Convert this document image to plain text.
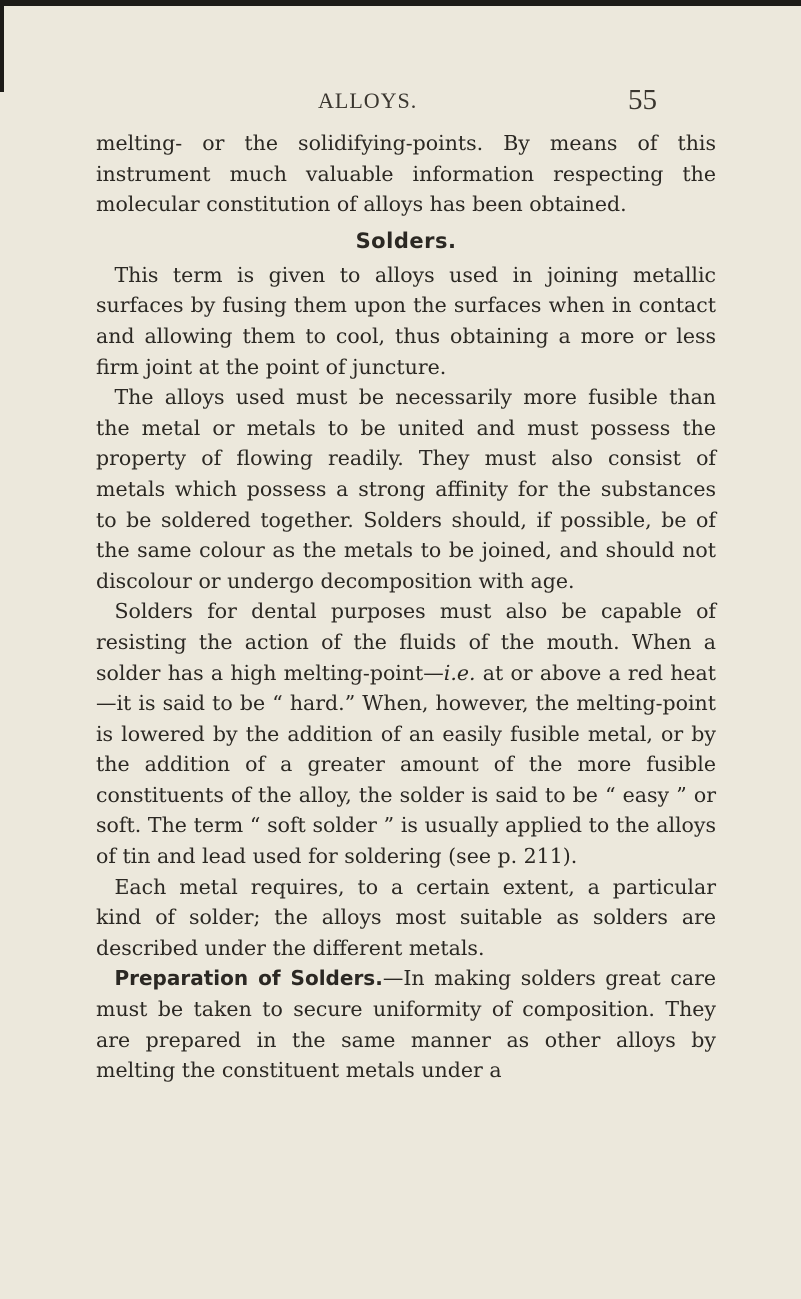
ALLOYS.	55

melting- or the solidifying-points. By means of this instrument much valuable information respecting the molecular constitution of alloys has been obtained.

Solders.

This term is given to alloys used in joining metallic surfaces by fusing them upon the surfaces when in contact and allowing them to cool, thus obtaining a more or less firm joint at the point of juncture.

The alloys used must be necessarily more fusible than the metal or metals to be united and must possess the property of flowing readily. They must also consist of metals which possess a strong affinity for the substances to be soldered together. Solders should, if possible, be of the same colour as the metals to be joined, and should not discolour or undergo decomposition with age.

Solders for dental purposes must also be capable of resisting the action of the fluids of the mouth. When a solder has a high melting-point—i.e. at or above a red heat—it is said to be “ hard.” When, however, the melting-point is lowered by the addition of an easily fusible metal, or by the addition of a greater amount of the more fusible constituents of the alloy, the solder is said to be “ easy ” or soft. The term “ soft solder ” is usually applied to the alloys of tin and lead used for soldering (see p. 211).

Each metal requires, to a certain extent, a particular kind of solder; the alloys most suitable as solders are described under the different metals.

Preparation of Solders.—In making solders great care must be taken to secure uniformity of composition. They are prepared in the same manner as other alloys by melting the constituent metals under a
